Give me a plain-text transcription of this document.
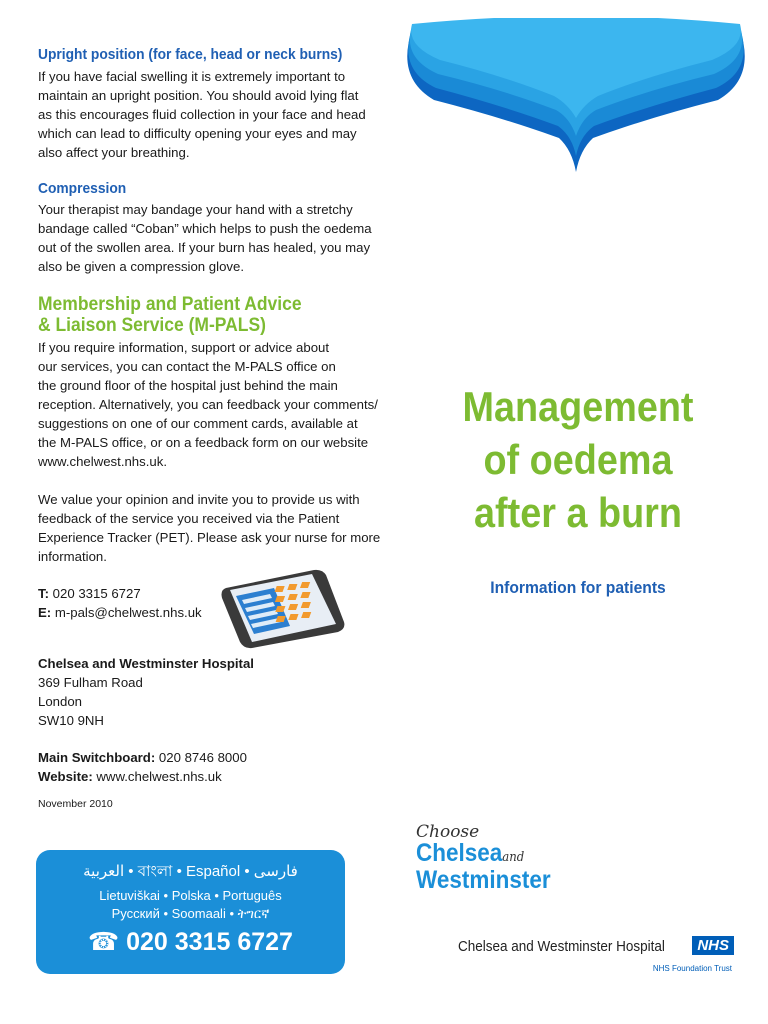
Upright position (for face, head or neck burns)
If you have facial swelling it is extremely important to
maintain an upright position. You should avoid lying flat
as this encourages fluid collection in your face and head
which can lead to difficulty opening your eyes and may
also affect your breathing.
Compression
Your therapist may bandage your hand with a stretchy
bandage called “Coban” which helps to push the oedema
out of the swollen area. If your burn has healed, you may
also be given a compression glove.
Membership and Patient Advice
& Liaison Service (M-PALS)
If you require information, support or advice about
our services, you can contact the M-PALS office on
the ground floor of the hospital just behind the main
reception. Alternatively, you can feedback your comments/
suggestions on one of our comment cards, available at
the M-PALS office, or on a feedback form on our website
www.chelwest.nhs.uk.
We value your opinion and invite you to provide us with
feedback of the service you received via the Patient
Experience Tracker (PET). Please ask your nurse for more
information.
T: 020 3315 6727
E: m-pals@chelwest.nhs.uk
Chelsea and Westminster Hospital
369 Fulham Road
London
SW10 9NH
Main Switchboard: 020 8746 8000
Website: www.chelwest.nhs.uk
November 2010
Management
of oedema
after a burn
Information for patients
العربية • বাংলা • Español • فارسی
Lietuviškai • Polska • Português
Русский • Soomaali • ትግርኛ
☎ 020 3315 6727
Choose
Chelseaand
Westminster
Chelsea and Westminster Hospital	NHS
NHS Foundation Trust
